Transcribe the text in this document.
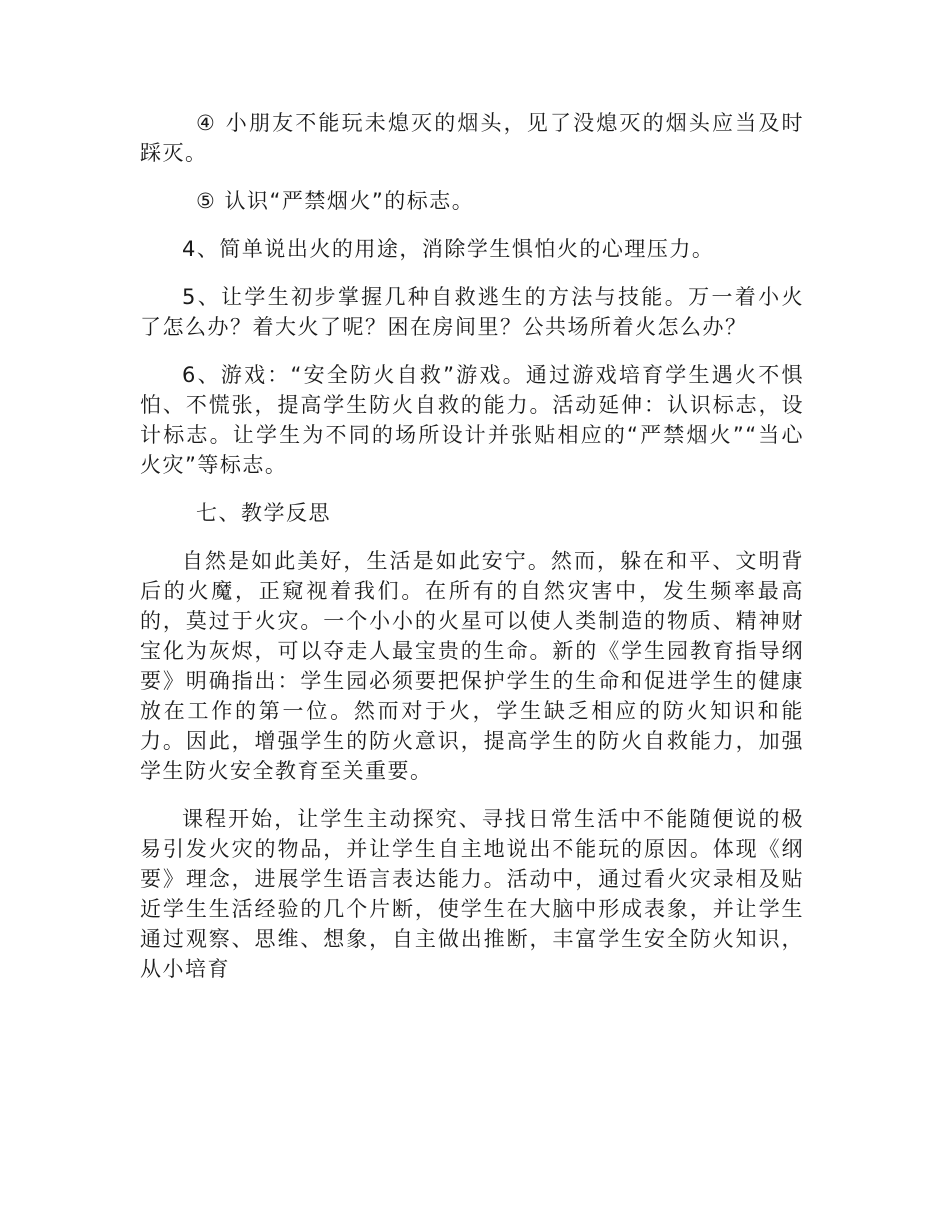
④ 小朋友不能玩未熄灭的烟头，见了没熄灭的烟头应当及时踩灭。

⑤ 认识“严禁烟火”的标志。

4、简单说出火的用途，消除学生惧怕火的心理压力。

5、让学生初步掌握几种自救逃生的方法与技能。万一着小火了怎么办？着大火了呢？困在房间里？公共场所着火怎么办？

6、游戏：“安全防火自救”游戏。通过游戏培育学生遇火不惧怕、不慌张，提高学生防火自救的能力。活动延伸：认识标志，设计标志。让学生为不同的场所设计并张贴相应的“严禁烟火”“当心火灾”等标志。

七、教学反思

自然是如此美好，生活是如此安宁。然而，躲在和平、文明背后的火魔，正窥视着我们。在所有的自然灾害中，发生频率最高的，莫过于火灾。一个小小的火星可以使人类制造的物质、精神财宝化为灰烬，可以夺走人最宝贵的生命。新的《学生园教育指导纲要》明确指出：学生园必须要把保护学生的生命和促进学生的健康放在工作的第一位。然而对于火，学生缺乏相应的防火知识和能力。因此，增强学生的防火意识，提高学生的防火自救能力，加强学生防火安全教育至关重要。

课程开始，让学生主动探究、寻找日常生活中不能随便说的极易引发火灾的物品，并让学生自主地说出不能玩的原因。体现《纲要》理念，进展学生语言表达能力。活动中，通过看火灾录相及贴近学生生活经验的几个片断，使学生在大脑中形成表象，并让学生通过观察、思维、想象，自主做出推断，丰富学生安全防火知识，从小培育
